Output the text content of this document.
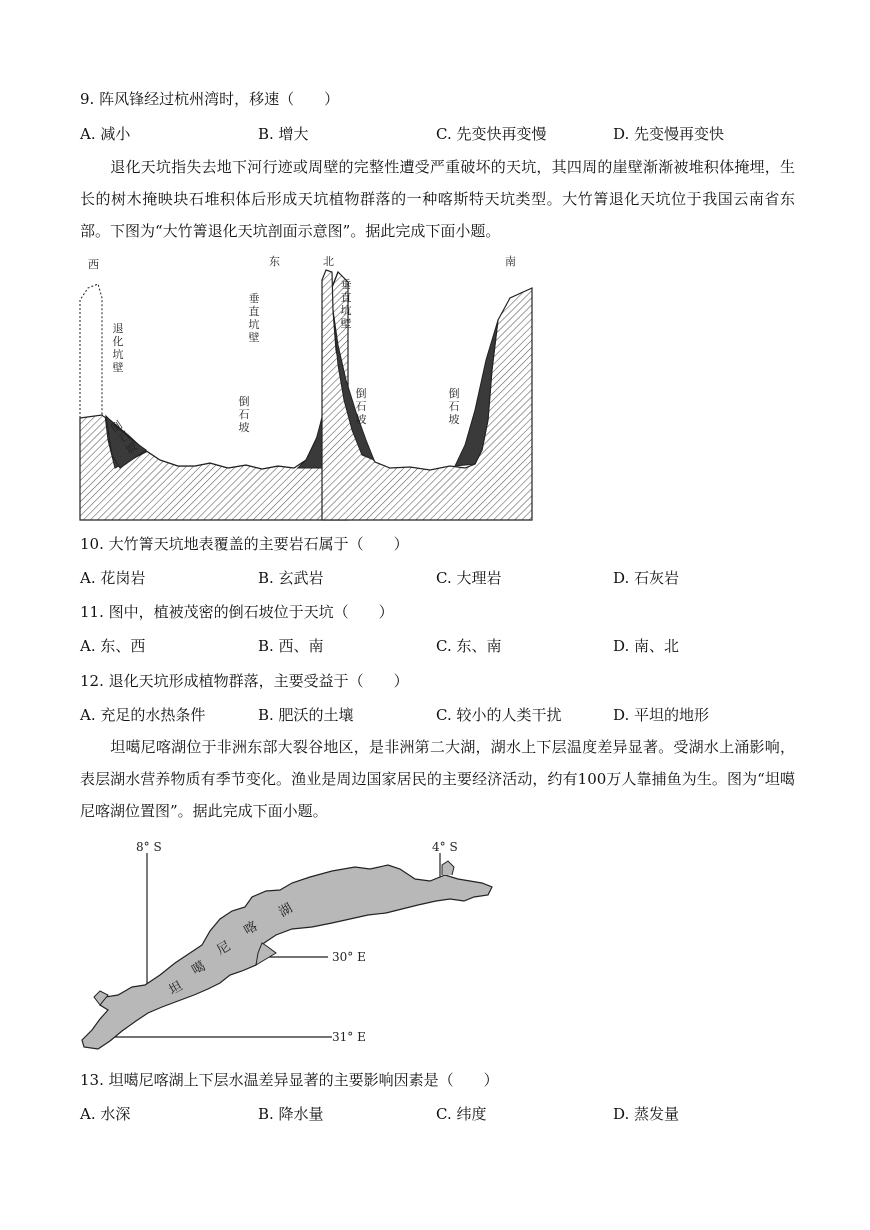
9. 阵风锋经过杭州湾时，移速（　　）
A. 减小	B. 增大	C. 先变快再变慢	D. 先变慢再变快
退化天坑指失去地下河行迹或周壁的完整性遭受严重破坏的天坑，其四周的崖壁渐渐被堆积体掩埋，生长的树木掩映块石堆积体后形成天坑植物群落的一种喀斯特天坑类型。大竹箐退化天坑位于我国云南省东部。下图为“大竹箐退化天坑剖面示意图”。据此完成下面小题。
西	东	北	南
退化坑壁
垂直坑壁
垂直坑壁
倒石坡
倒石坡
倒石坡
倒石坡
10. 大竹箐天坑地表覆盖的主要岩石属于（　　）
A. 花岗岩	B. 玄武岩	C. 大理岩	D. 石灰岩
11. 图中，植被茂密的倒石坡位于天坑（　　）
A. 东、西	B. 西、南	C. 东、南	D. 南、北
12. 退化天坑形成植物群落，主要受益于（　　）
A. 充足的水热条件	B. 肥沃的土壤	C. 较小的人类干扰	D. 平坦的地形
坦噶尼喀湖位于非洲东部大裂谷地区，是非洲第二大湖，湖水上下层温度差异显著。受湖水上涌影响，表层湖水营养物质有季节变化。渔业是周边国家居民的主要经济活动，约有100万人靠捕鱼为生。图为“坦噶尼喀湖位置图”。据此完成下面小题。
8° S	4° S
30° E
31° E
坦
噶
尼
喀
湖
13. 坦噶尼喀湖上下层水温差异显著的主要影响因素是（　　）
A. 水深	B. 降水量	C. 纬度	D. 蒸发量
